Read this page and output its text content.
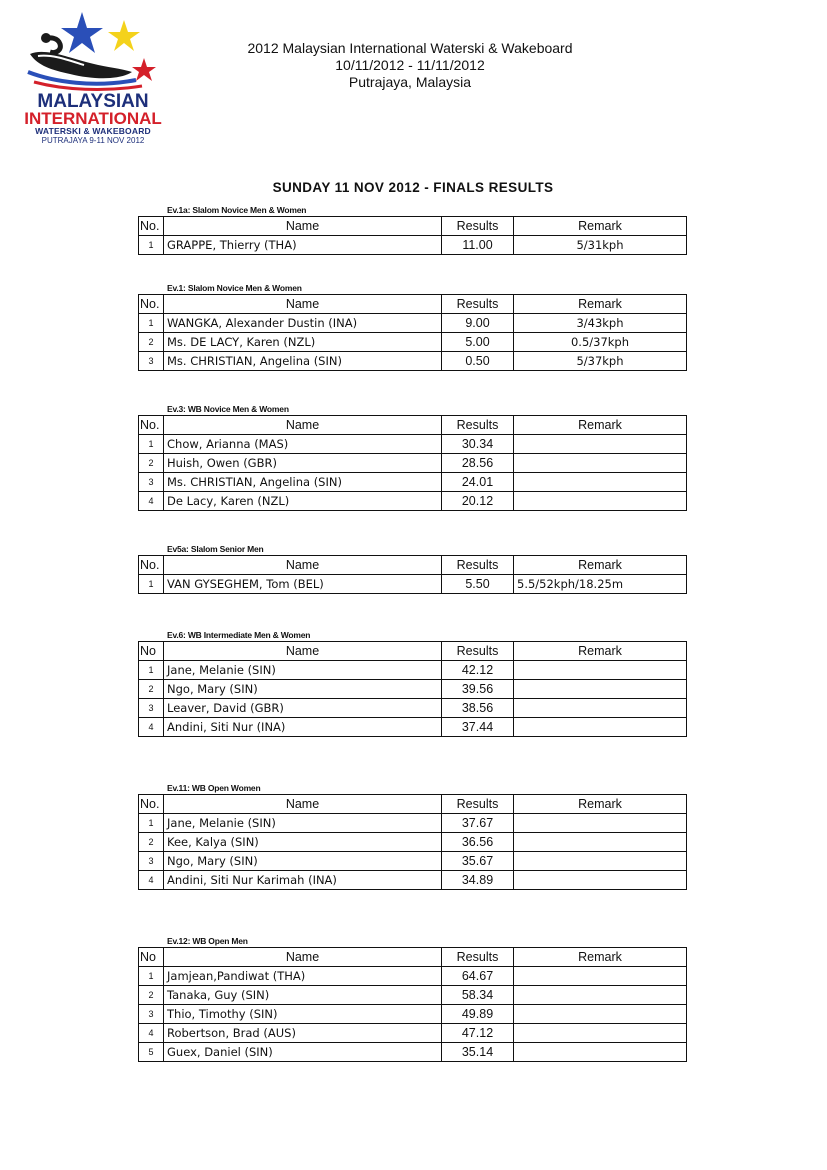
MALAYSIAN
INTERNATIONAL
WATERSKI & WAKEBOARD
PUTRAJAYA 9-11 NOV 2012
2012 Malaysian International Waterski & Wakeboard
10/11/2012 - 11/11/2012
Putrajaya, Malaysia
SUNDAY 11 NOV 2012 - FINALS RESULTS
Ev.1a: Slalom Novice Men & Women
No.	Name	Results	Remark
1	GRAPPE, Thierry (THA)	11.00	5/31kph
Ev.1: Slalom Novice Men & Women
No.	Name	Results	Remark
1	WANGKA, Alexander Dustin (INA)	9.00	3/43kph
2	Ms. DE LACY, Karen (NZL)	5.00	0.5/37kph
3	Ms. CHRISTIAN, Angelina (SIN)	0.50	5/37kph
Ev.3: WB Novice Men & Women
No.	Name	Results	Remark
1	Chow, Arianna (MAS)	30.34	
2	Huish, Owen (GBR)	28.56	
3	Ms. CHRISTIAN, Angelina (SIN)	24.01	
4	De Lacy, Karen (NZL)	20.12	
Ev5a: Slalom Senior Men
No.	Name	Results	Remark
1	VAN GYSEGHEM, Tom (BEL)	5.50	5.5/52kph/18.25m
Ev.6: WB Intermediate Men & Women
No	Name	Results	Remark
1	Jane, Melanie (SIN)	42.12	
2	Ngo, Mary (SIN)	39.56	
3	Leaver, David (GBR)	38.56	
4	Andini, Siti Nur (INA)	37.44	
Ev.11: WB Open Women
No.	Name	Results	Remark
1	Jane, Melanie (SIN)	37.67	
2	Kee, Kalya (SIN)	36.56	
3	Ngo, Mary (SIN)	35.67	
4	Andini, Siti Nur Karimah (INA)	34.89	
Ev.12: WB Open Men
No	Name	Results	Remark
1	Jamjean,Pandiwat (THA)	64.67	
2	Tanaka, Guy (SIN)	58.34	
3	Thio, Timothy (SIN)	49.89	
4	Robertson, Brad (AUS)	47.12	
5	Guex, Daniel (SIN)	35.14	
